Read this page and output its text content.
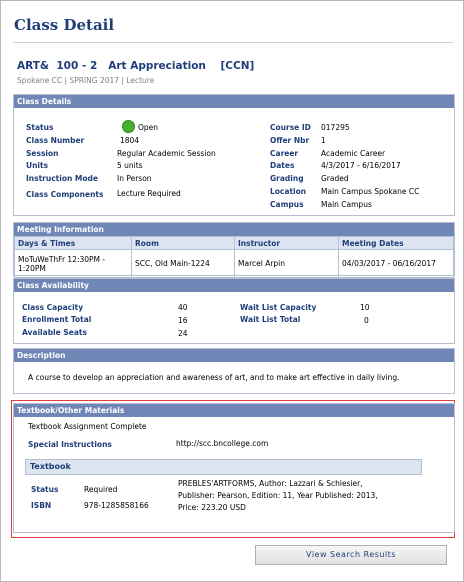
Class Detail
ART&  100 - 2   Art Appreciation    [CCN]
Spokane CC | SPRING 2017 | Lecture
Class Details
Status	Open
Class Number	1804
Session	Regular Academic Session
Units	5 units
Instruction Mode	In Person
Class Components Lecture Required
Course ID 017295
Offer Nbr 1
Career	Academic Career
Dates	4/3/2017 - 6/16/2017
Grading Graded
Location Main Campus Spokane CC
Campus Main Campus
Meeting Information
Days & Times	Room	Instructor	Meeting Dates
MoTuWeThFr 12:30PM - 1:20PM	SCC, Old Main-1224	Marcel Arpin	04/03/2017 - 06/16/2017
Class Availability
Class Capacity	40
Enrollment Total	16
Available Seats	24
Wait List Capacity	10
Wait List Total	0
Description
A course to develop an appreciation and awareness of art, and to make art effective in daily living.
Textbook/Other Materials
Textbook Assignment Complete
Special Instructions	http://scc.bncollege.com
Status	Required
ISBN	978-1285858166
PREBLES'ARTFORMS, Author: Lazzari & Schlesier,
Publisher: Pearson, Edition: 11, Year Published: 2013,
Price: 223.20 USD
Textbook
View Search Results
